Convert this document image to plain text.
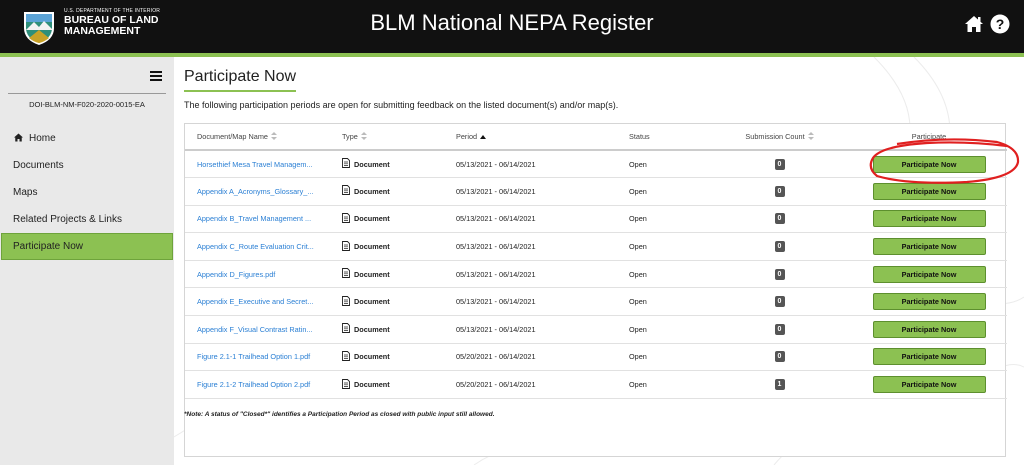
U.S. DEPARTMENT OF THE INTERIOR
BUREAU OF LAND
MANAGEMENT	BLM National NEPA Register	?
DOI-BLM-NM-F020-2020-0015-EA
Home
Documents
Maps
Related Projects & Links
Participate Now
Participate Now
The following participation periods are open for submitting feedback on the listed document(s) and/or map(s).
Document/Map Name	Type	Period	Status	Submission Count	Participate
Horsethief Mesa Travel Managem...	Document	05/13/2021 - 06/14/2021	Open	0	Participate Now
Appendix A_Acronyms_Glossary_...	Document	05/13/2021 - 06/14/2021	Open	0	Participate Now
Appendix B_Travel Management ...	Document	05/13/2021 - 06/14/2021	Open	0	Participate Now
Appendix C_Route Evaluation Crit...	Document	05/13/2021 - 06/14/2021	Open	0	Participate Now
Appendix D_Figures.pdf	Document	05/13/2021 - 06/14/2021	Open	0	Participate Now
Appendix E_Executive and Secret...	Document	05/13/2021 - 06/14/2021	Open	0	Participate Now
Appendix F_Visual Contrast Ratin...	Document	05/13/2021 - 06/14/2021	Open	0	Participate Now
Figure 2.1-1 Trailhead Option 1.pdf	Document	05/20/2021 - 06/14/2021	Open	0	Participate Now
Figure 2.1-2 Trailhead Option 2.pdf	Document	05/20/2021 - 06/14/2021	Open	1	Participate Now
*Note: A status of "Closed*" identifies a Participation Period as closed with public input still allowed.
